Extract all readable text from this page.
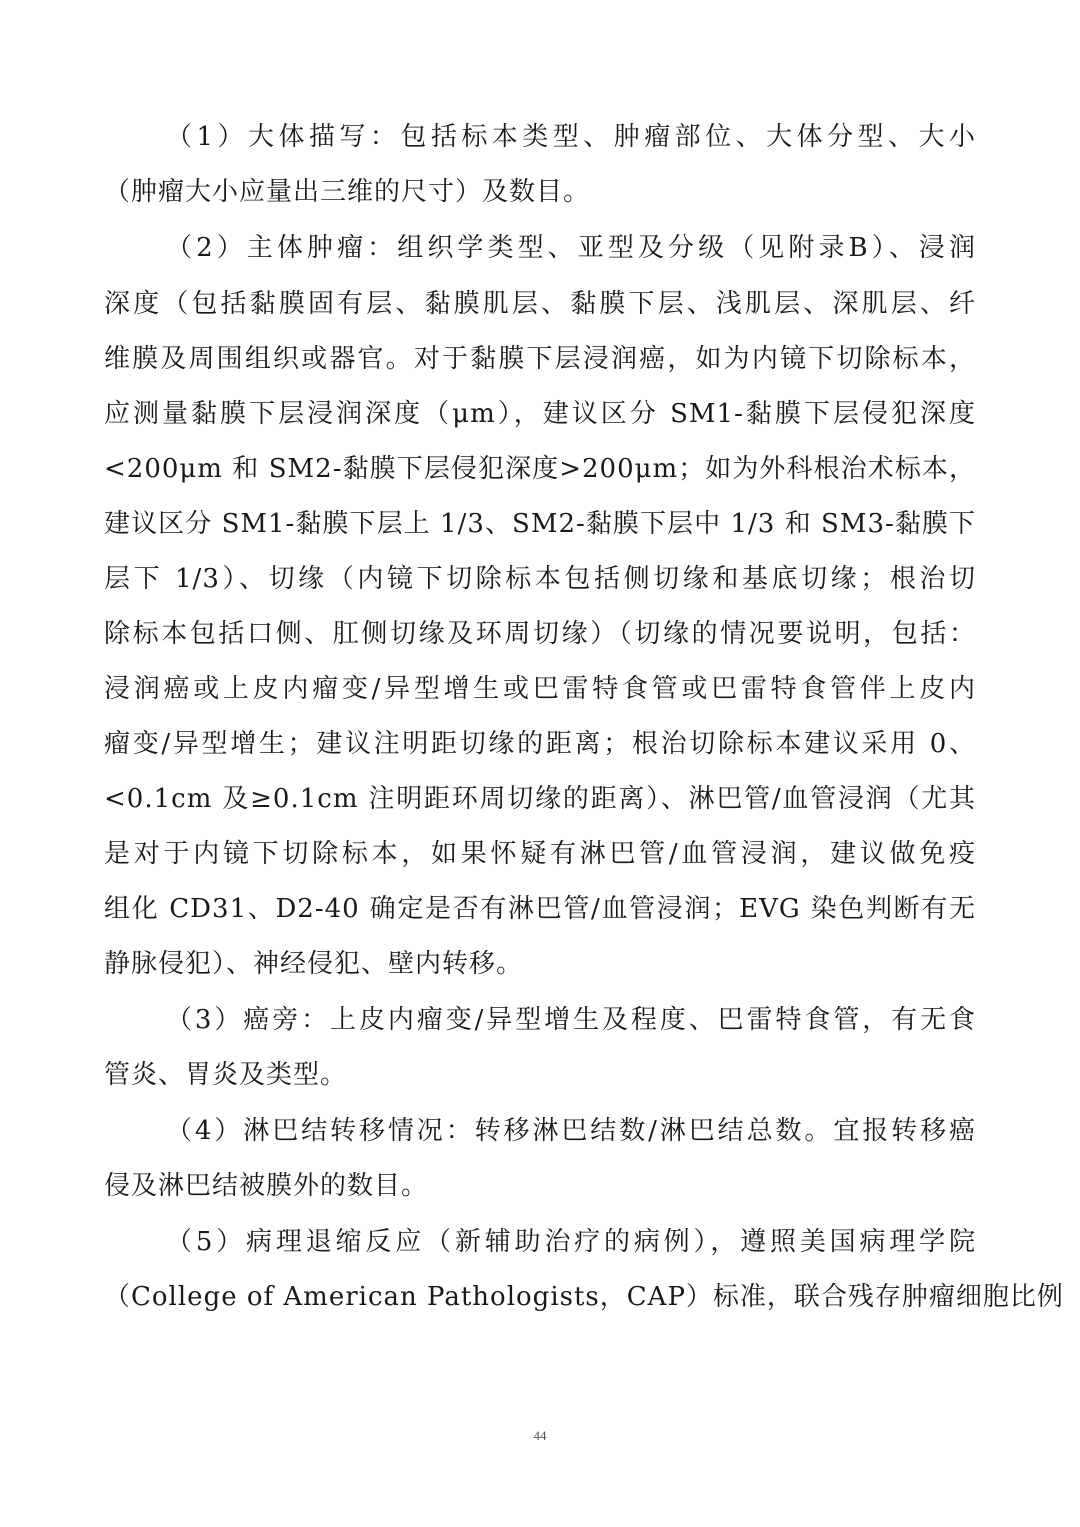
（1）大体描写：包括标本类型、肿瘤部位、大体分型、大小
（肿瘤大小应量出三维的尺寸）及数目。
（2）主体肿瘤：组织学类型、亚型及分级（见附录B）、浸润
深度（包括黏膜固有层、黏膜肌层、黏膜下层、浅肌层、深肌层、纤
维膜及周围组织或器官。对于黏膜下层浸润癌，如为内镜下切除标本，
应测量黏膜下层浸润深度（μm），建议区分 SM1-黏膜下层侵犯深度
<200μm 和 SM2-黏膜下层侵犯深度>200μm；如为外科根治术标本，
建议区分 SM1-黏膜下层上 1/3、SM2-黏膜下层中 1/3 和 SM3-黏膜下
层下 1/3）、切缘（内镜下切除标本包括侧切缘和基底切缘；根治切
除标本包括口侧、肛侧切缘及环周切缘）（切缘的情况要说明，包括：
浸润癌或上皮内瘤变/异型增生或巴雷特食管或巴雷特食管伴上皮内
瘤变/异型增生；建议注明距切缘的距离；根治切除标本建议采用 0、
<0.1cm 及≥0.1cm 注明距环周切缘的距离）、淋巴管/血管浸润（尤其
是对于内镜下切除标本，如果怀疑有淋巴管/血管浸润，建议做免疫
组化 CD31、D2-40 确定是否有淋巴管/血管浸润；EVG 染色判断有无
静脉侵犯）、神经侵犯、壁内转移。
（3）癌旁：上皮内瘤变/异型增生及程度、巴雷特食管，有无食
管炎、胃炎及类型。
（4）淋巴结转移情况：转移淋巴结数/淋巴结总数。宜报转移癌
侵及淋巴结被膜外的数目。
（5）病理退缩反应（新辅助治疗的病例），遵照美国病理学院
（College of American Pathologists，CAP）标准，联合残存肿瘤细胞比例
44
